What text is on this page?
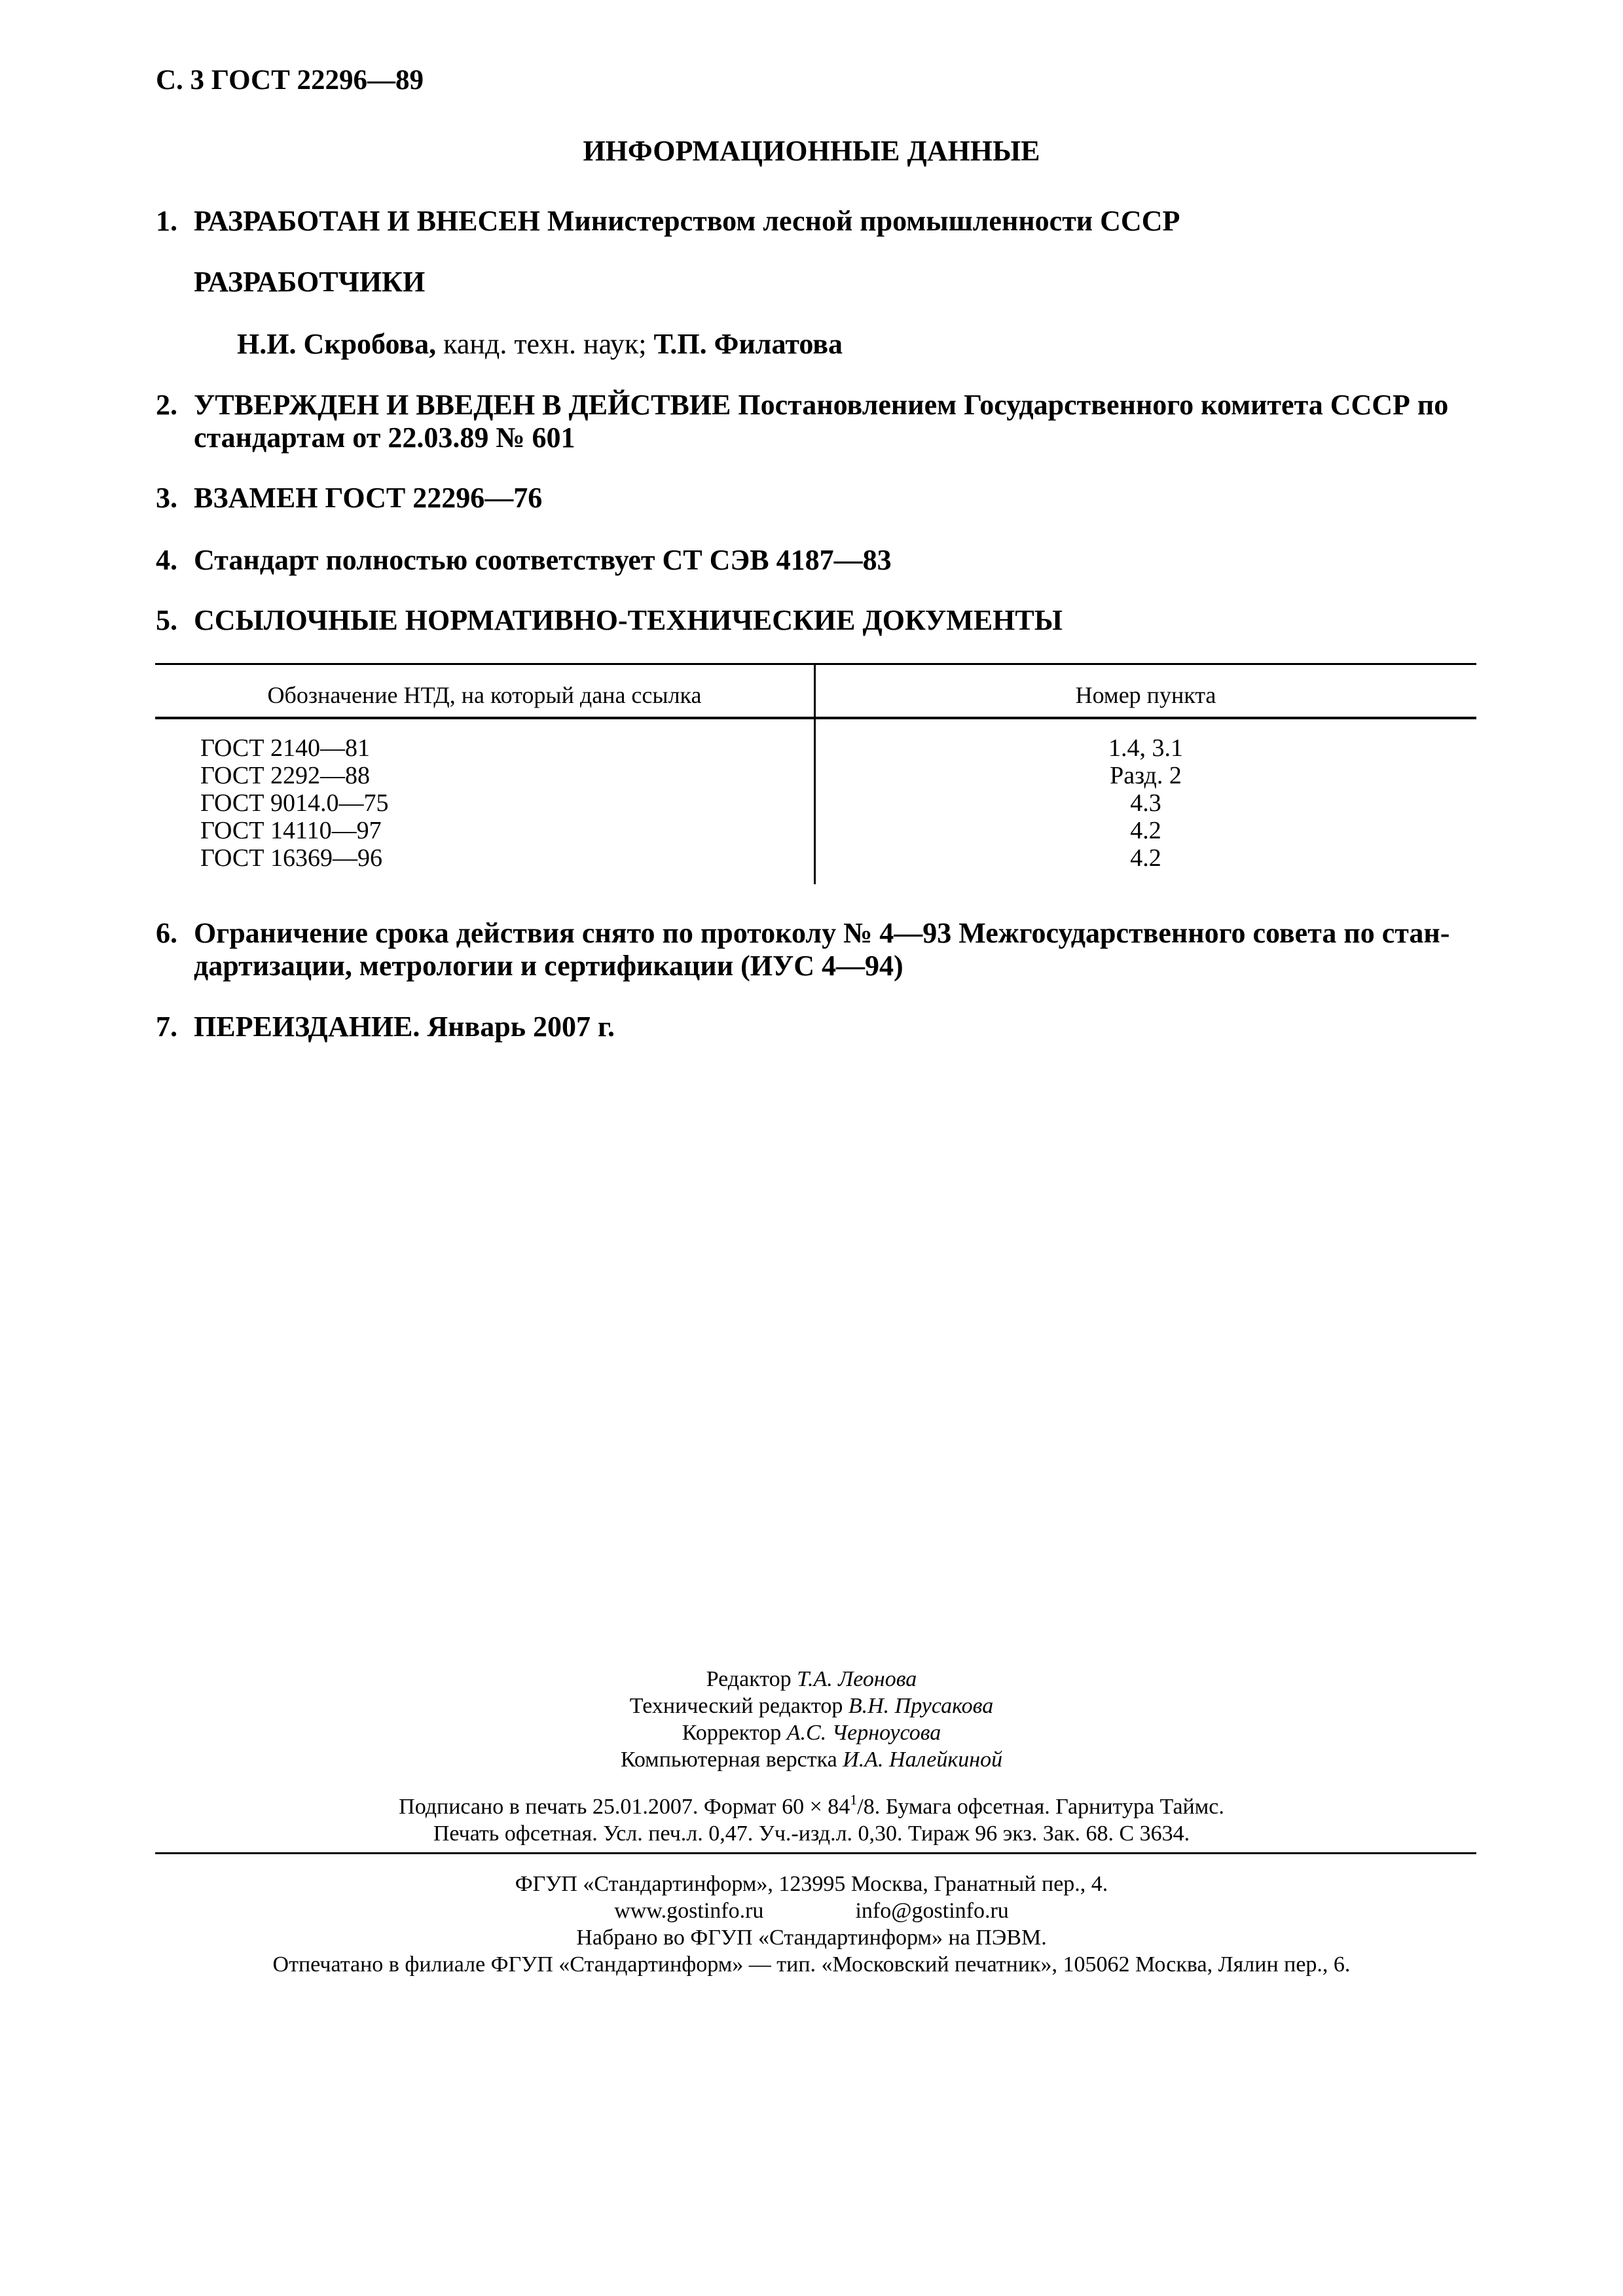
С. 3 ГОСТ 22296—89
ИНФОРМАЦИОННЫЕ ДАННЫЕ
1. РАЗРАБОТАН И ВНЕСЕН Министерством лесной промышленности СССР
РАЗРАБОТЧИКИ
Н.И. Скробова, канд. техн. наук; Т.П. Филатова
2. УТВЕРЖДЕН И ВВЕДЕН В ДЕЙСТВИЕ Постановлением Государственного комитета СССР по
стандартам от 22.03.89 № 601
3. ВЗАМЕН ГОСТ 22296—76
4. Стандарт полностью соответствует СТ СЭВ 4187—83
5. ССЫЛОЧНЫЕ НОРМАТИВНО-ТЕХНИЧЕСКИЕ ДОКУМЕНТЫ
Обозначение НТД, на который дана ссылка	Номер пункта
ГОСТ 2140—81
ГОСТ 2292—88
ГОСТ 9014.0—75
ГОСТ 14110—97
ГОСТ 16369—96
1.4, 3.1
Разд. 2
4.3
4.2
4.2
6. Ограничение срока действия снято по протоколу № 4—93 Межгосударственного совета по стан-
дартизации, метрологии и сертификации (ИУС 4—94)
7. ПЕРЕИЗДАНИЕ. Январь 2007 г.
Редактор Т.А. Леонова
Технический редактор В.Н. Прусакова
Корректор А.С. Черноусова
Компьютерная верстка И.А. Налейкиной
Подписано в печать 25.01.2007. Формат $60 \times 84^1/8$. Бумага офсетная. Гарнитура Таймс.
Печать офсетная. Усл. печ.л. 0,47. Уч.-изд.л. 0,30. Тираж 96 экз. Зак. 68. С 3634.
ФГУП «Стандартинформ», 123995 Москва, Гранатный пер., 4.
www.gostinfo.ru	info@gostinfo.ru
Набрано во ФГУП «Стандартинформ» на ПЭВМ.
Отпечатано в филиале ФГУП «Стандартинформ» — тип. «Московский печатник», 105062 Москва, Лялин пер., 6.
